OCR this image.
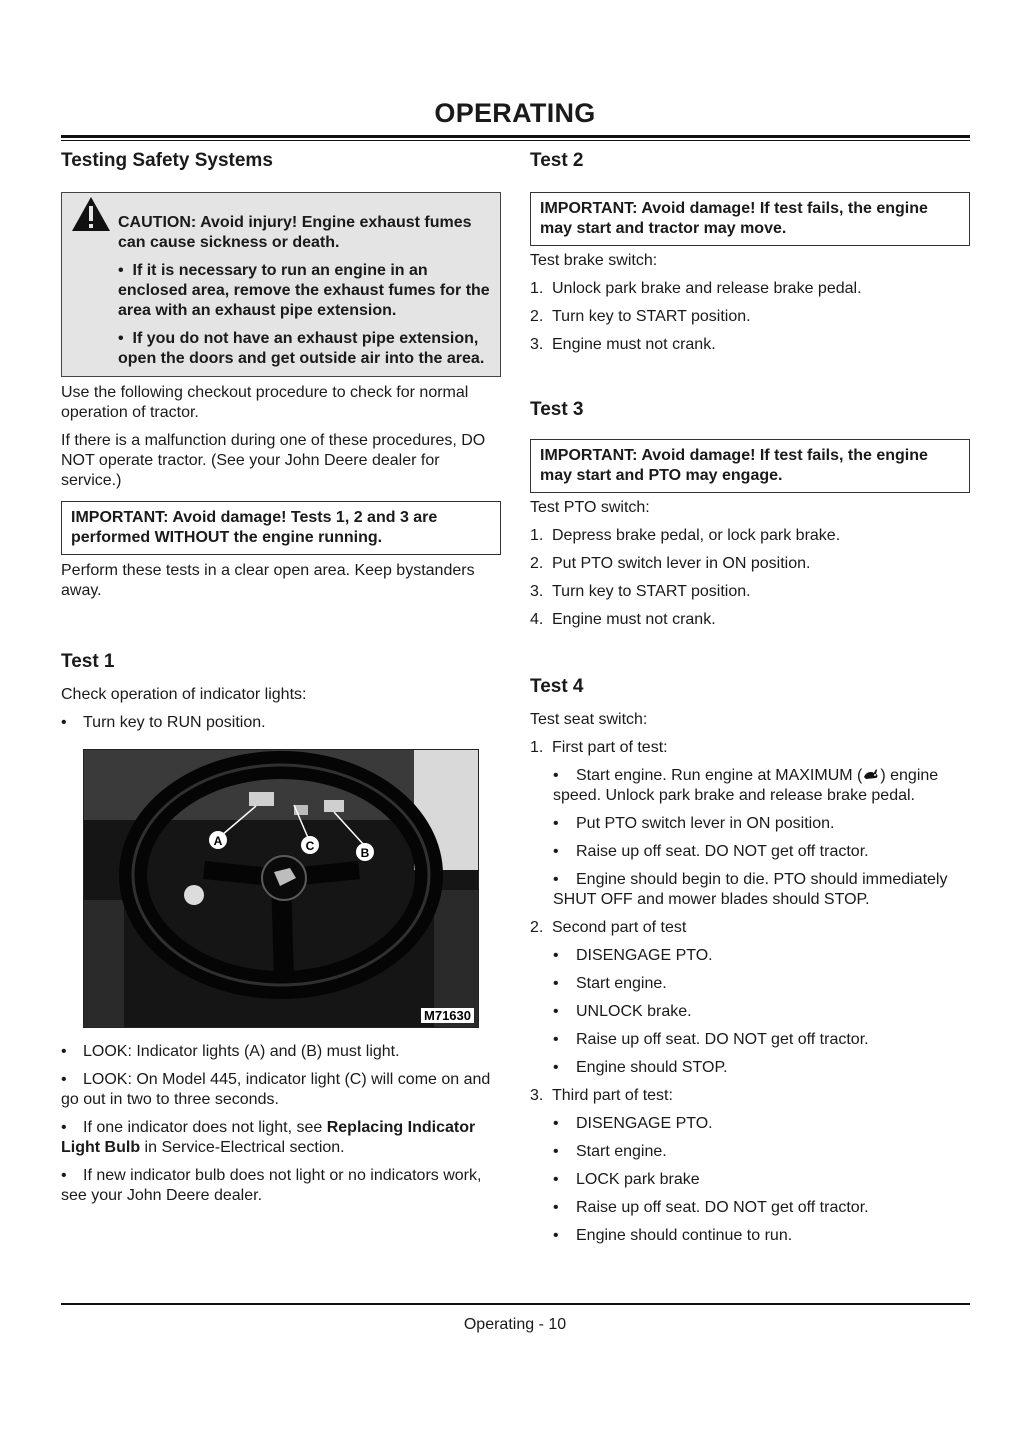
OPERATING
Testing Safety Systems
CAUTION: Avoid injury! Engine exhaust fumes can cause sickness or death.
•  If it is necessary to run an engine in an enclosed area, remove the exhaust fumes for the area with an exhaust pipe extension.
•  If you do not have an exhaust pipe extension, open the doors and get outside air into the area.

Use the following checkout procedure to check for normal operation of tractor.

If there is a malfunction during one of these procedures, DO NOT operate tractor. (See your John Deere dealer for service.)

IMPORTANT: Avoid damage! Tests 1, 2 and 3 are performed WITHOUT the engine running.

Perform these tests in a clear open area. Keep bystanders away.

Test 1

Check operation of indicator lights:

• Turn key to RUN position.
A	C	B
M71630
• LOOK: Indicator lights (A) and (B) must light.
• LOOK: On Model 445, indicator light (C) will come on and go out in two to three seconds.
• If one indicator does not light, see Replacing Indicator Light Bulb in Service-Electrical section.
• If new indicator bulb does not light or no indicators work, see your John Deere dealer.
Test 2
IMPORTANT: Avoid damage! If test fails, the engine may start and tractor may move.

Test brake switch:

1. Unlock park brake and release brake pedal.
2. Turn key to START position.
3. Engine must not crank.
Test 3
IMPORTANT: Avoid damage! If test fails, the engine may start and PTO may engage.

Test PTO switch:

1. Depress brake pedal, or lock park brake.
2. Put PTO switch lever in ON position.
3. Turn key to START position.
4. Engine must not crank.
Test 4

Test seat switch:

1. First part of test:
• Start engine. Run engine at MAXIMUM ( ) engine speed. Unlock park brake and release brake pedal.
• Put PTO switch lever in ON position.
• Raise up off seat. DO NOT get off tractor.
• Engine should begin to die. PTO should immediately SHUT OFF and mower blades should STOP.
2. Second part of test
• DISENGAGE PTO.
• Start engine.
• UNLOCK brake.
• Raise up off seat. DO NOT get off tractor.
• Engine should STOP.
3. Third part of test:
• DISENGAGE PTO.
• Start engine.
• LOCK park brake
• Raise up off seat. DO NOT get off tractor.
• Engine should continue to run.
Operating - 10
